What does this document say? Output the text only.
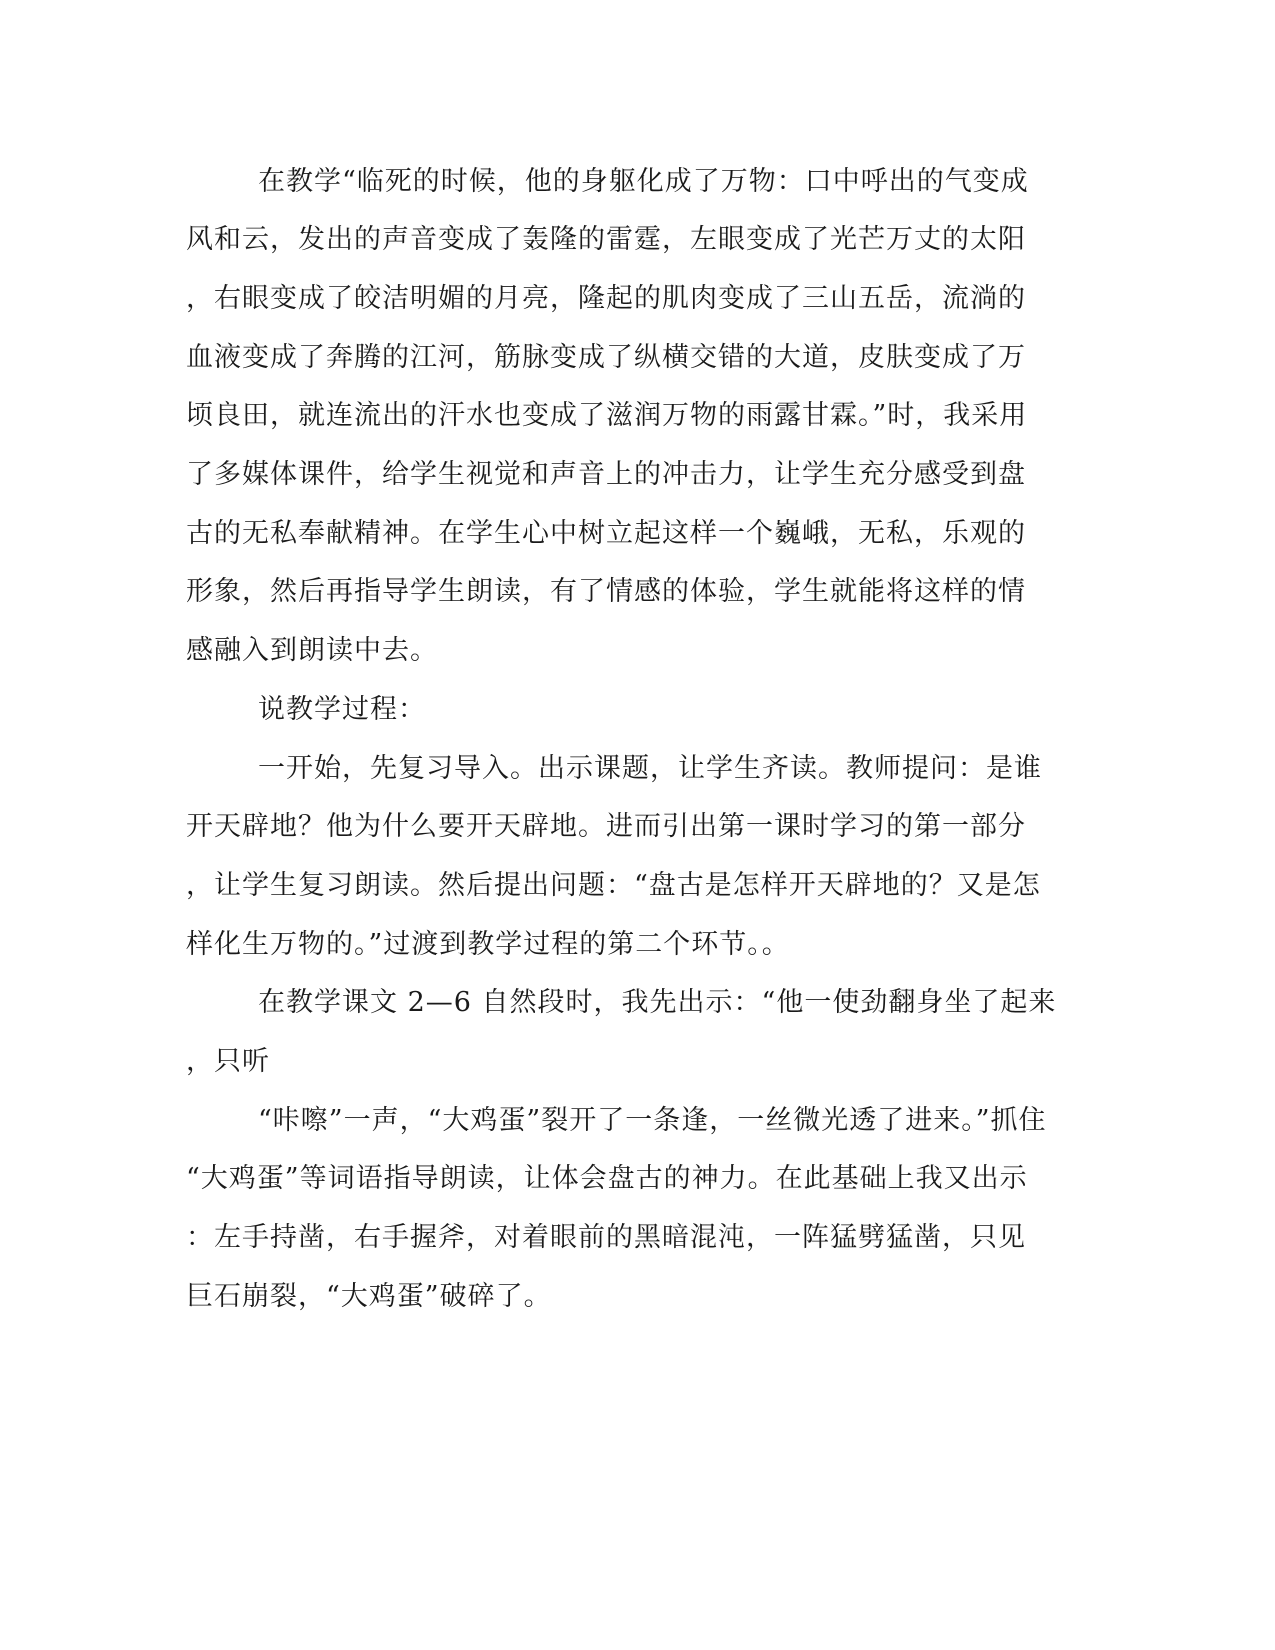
在教学“临死的时候，他的身躯化成了万物：口中呼出的气变成

风和云，发出的声音变成了轰隆的雷霆，左眼变成了光芒万丈的太阳

，右眼变成了皎洁明媚的月亮，隆起的肌肉变成了三山五岳，流淌的

血液变成了奔腾的江河，筋脉变成了纵横交错的大道，皮肤变成了万

顷良田，就连流出的汗水也变成了滋润万物的雨露甘霖。”时，我采用

了多媒体课件，给学生视觉和声音上的冲击力，让学生充分感受到盘

古的无私奉献精神。在学生心中树立起这样一个巍峨，无私，乐观的

形象，然后再指导学生朗读，有了情感的体验，学生就能将这样的情

感融入到朗读中去。

说教学过程：

一开始，先复习导入。出示课题，让学生齐读。教师提问：是谁

开天辟地？他为什么要开天辟地。进而引出第一课时学习的第一部分

，让学生复习朗读。然后提出问题：“盘古是怎样开天辟地的？又是怎

样化生万物的。”过渡到教学过程的第二个环节。。

在教学课文 2—6 自然段时，我先出示：“他一使劲翻身坐了起来

，只听

“咔嚓”一声，“大鸡蛋”裂开了一条逢，一丝微光透了进来。”抓住

“大鸡蛋”等词语指导朗读，让体会盘古的神力。在此基础上我又出示

：左手持凿，右手握斧，对着眼前的黑暗混沌，一阵猛劈猛凿，只见

巨石崩裂，“大鸡蛋”破碎了。
